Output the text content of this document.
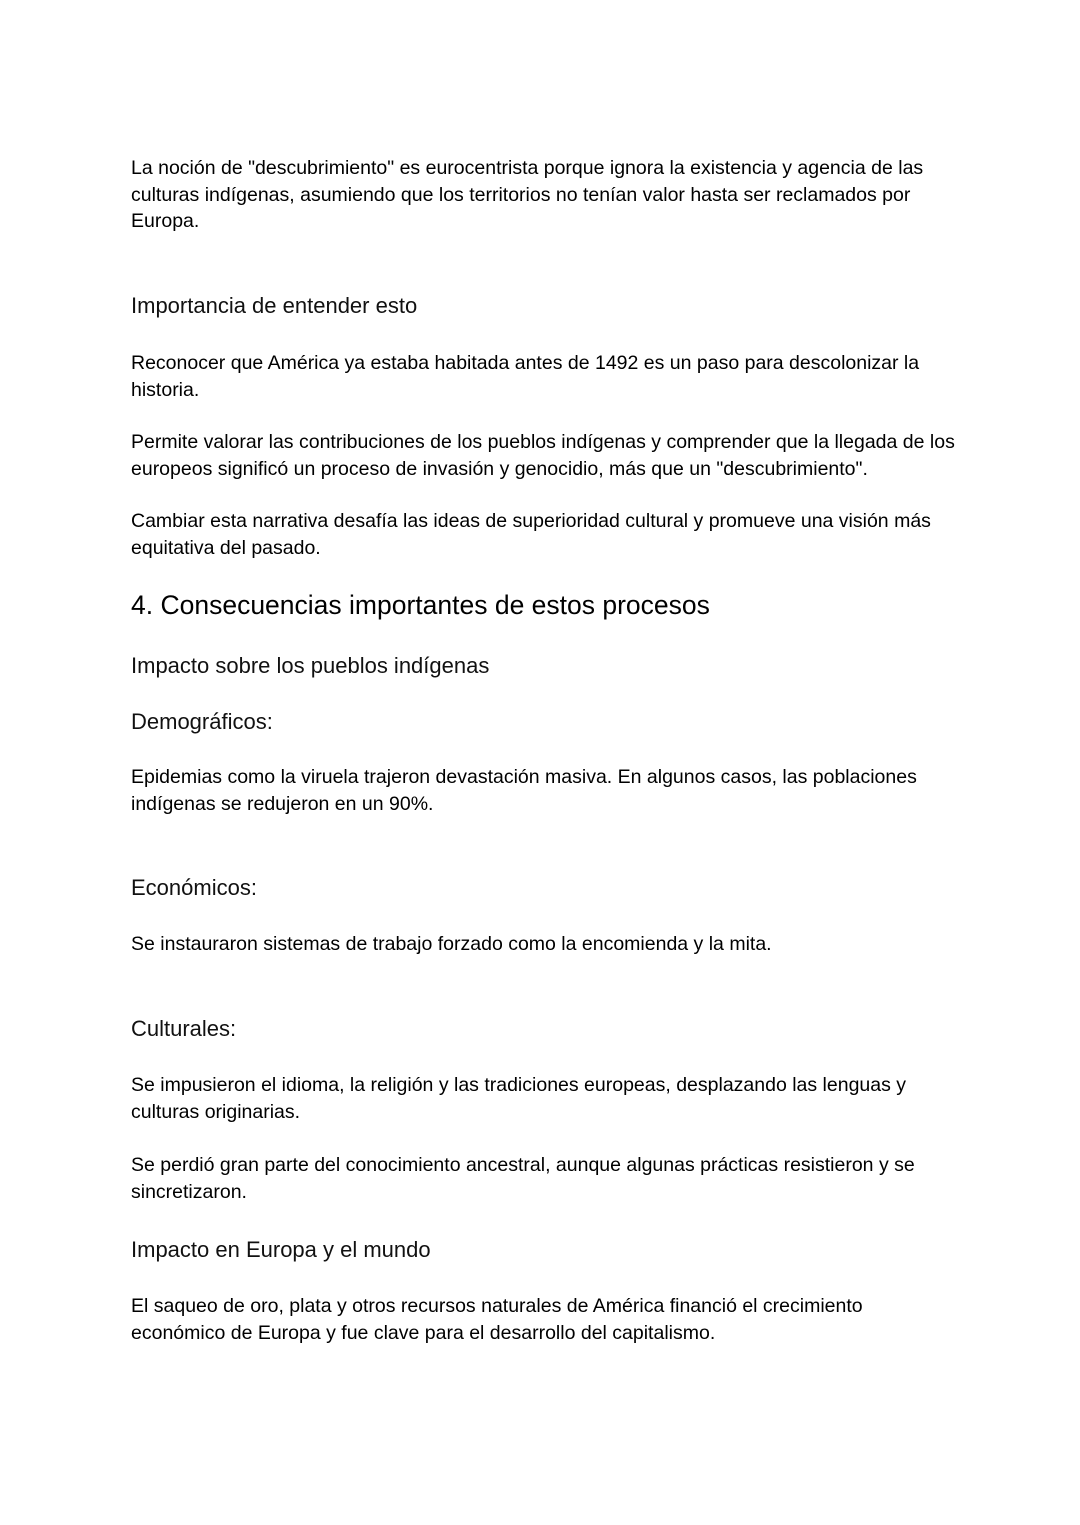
La noción de "descubrimiento" es eurocentrista porque ignora la existencia y agencia de las culturas indígenas, asumiendo que los territorios no tenían valor hasta ser reclamados por Europa.

Importancia de entender esto

Reconocer que América ya estaba habitada antes de 1492 es un paso para descolonizar la historia.

Permite valorar las contribuciones de los pueblos indígenas y comprender que la llegada de los europeos significó un proceso de invasión y genocidio, más que un "descubrimiento".

Cambiar esta narrativa desafía las ideas de superioridad cultural y promueve una visión más equitativa del pasado.

4. Consecuencias importantes de estos procesos
Impacto sobre los pueblos indígenas
Demográficos:

Epidemias como la viruela trajeron devastación masiva. En algunos casos, las poblaciones indígenas se redujeron en un 90%.

Económicos:

Se instauraron sistemas de trabajo forzado como la encomienda y la mita.

Culturales:

Se impusieron el idioma, la religión y las tradiciones europeas, desplazando las lenguas y culturas originarias.

Se perdió gran parte del conocimiento ancestral, aunque algunas prácticas resistieron y se sincretizaron.

Impacto en Europa y el mundo

El saqueo de oro, plata y otros recursos naturales de América financió el crecimiento económico de Europa y fue clave para el desarrollo del capitalismo.
